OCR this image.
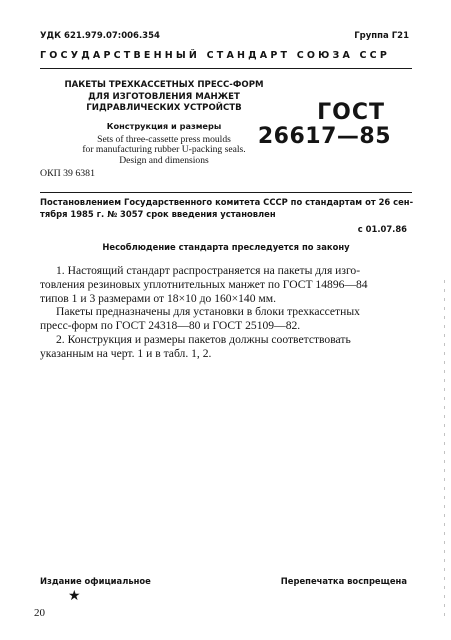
УДК 621.979.07:006.354	Группа Г21
ГОСУДАРСТВЕННЫЙ СТАНДАРТ СОЮЗА ССР
ПАКЕТЫ ТРЕХКАССЕТНЫХ ПРЕСС-ФОРМ
ДЛЯ ИЗГОТОВЛЕНИЯ МАНЖЕТ
ГИДРАВЛИЧЕСКИХ УСТРОЙСТВ
Конструкция и размеры
Sets of three-cassette press moulds
for manufacturing rubber U-packing seals.
Design and dimensions
ГОСТ
26617—85
ОКП 39 6381
Постановлением Государственного комитета СССР по стандартам от 26 сен-
тября 1985 г. № 3057 срок введения установлен
с 01.07.86
Несоблюдение стандарта преследуется по закону
1. Настоящий стандарт распространяется на пакеты для изго-
товления резиновых уплотнительных манжет по ГОСТ 14896—84
типов 1 и 3 размерами от 18×10 до 160×140 мм.
Пакеты предназначены для установки в блоки трехкассетных
пресс-форм по ГОСТ 24318—80 и ГОСТ 25109—82.
2. Конструкция и размеры пакетов должны соответствовать
указанным на черт. 1 и в табл. 1, 2.
Издание официальное
★
Перепечатка воспрещена
20
